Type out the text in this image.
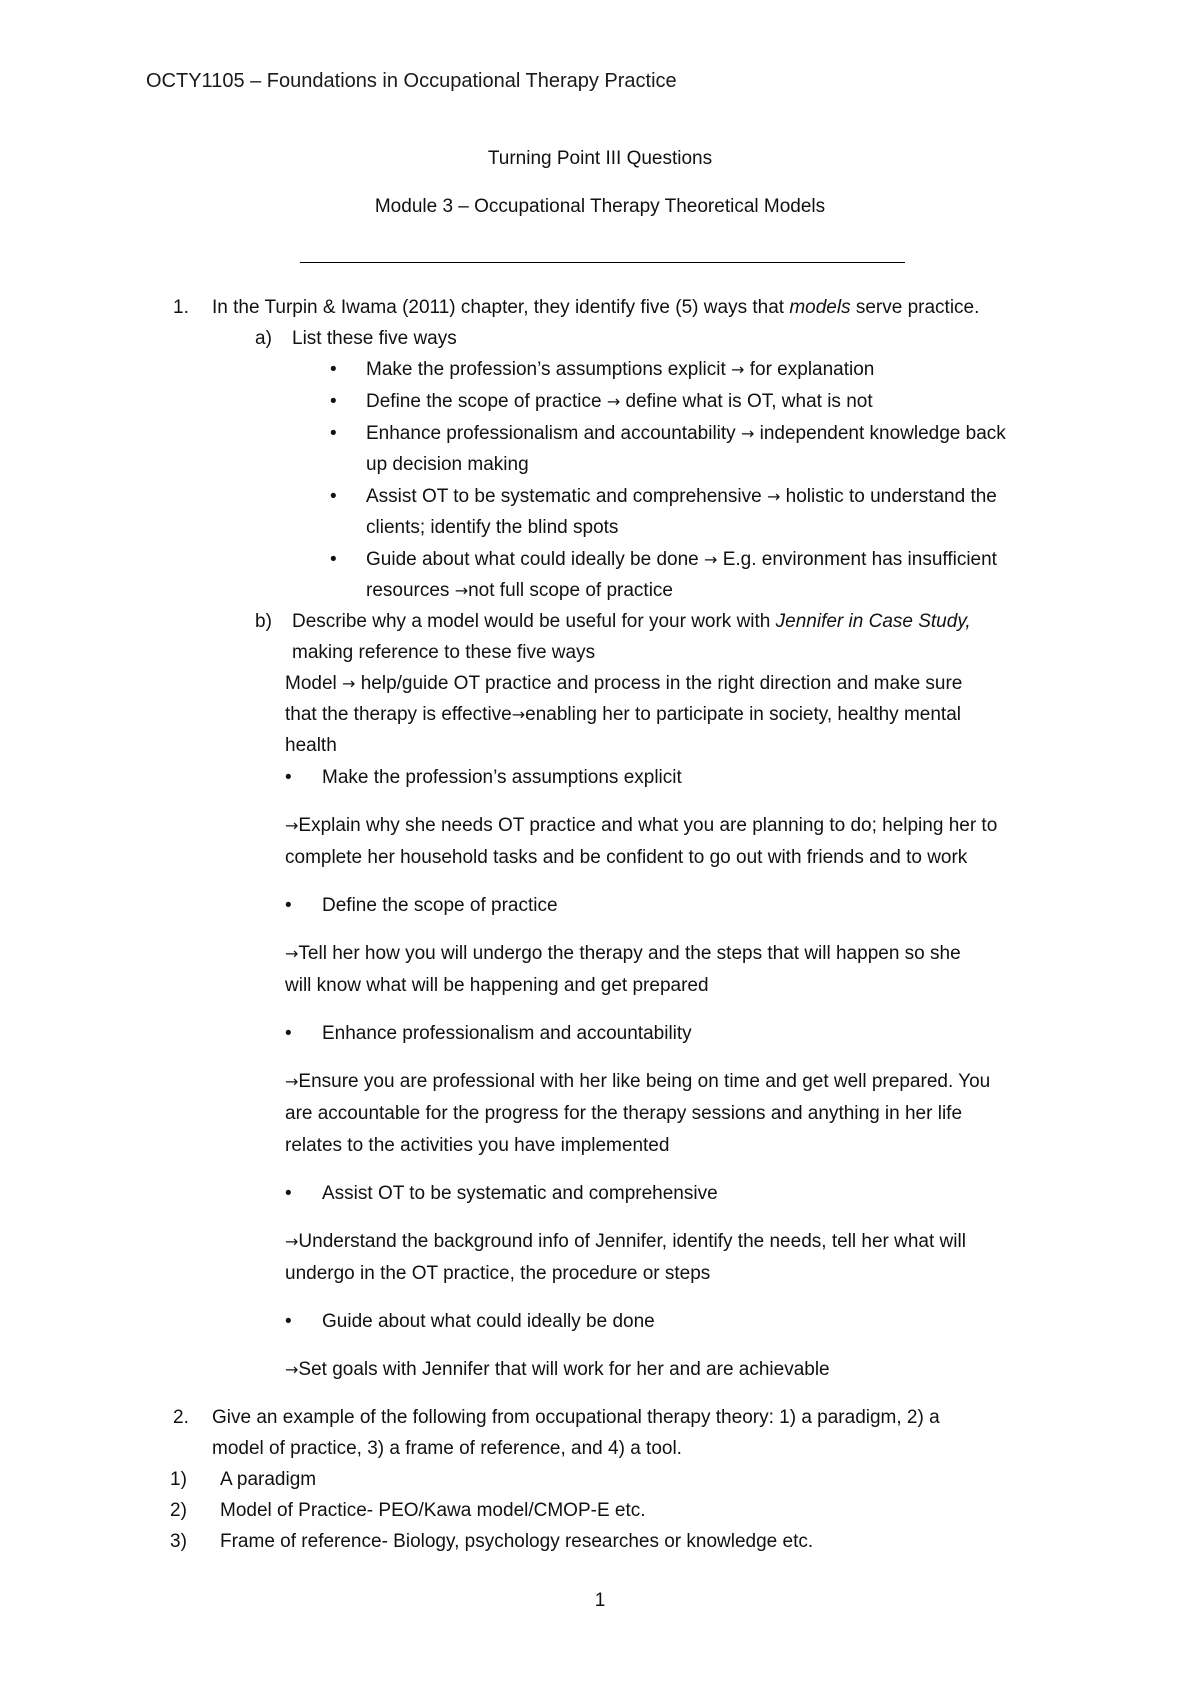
OCTY1105 – Foundations in Occupational Therapy Practice
Turning Point III Questions
Module 3 – Occupational Therapy Theoretical Models
1. In the Turpin & Iwama (2011) chapter, they identify five (5) ways that models serve practice.
a) List these five ways
• Make the profession’s assumptions explicit → for explanation
• Define the scope of practice → define what is OT, what is not
• Enhance professionalism and accountability → independent knowledge back
up decision making
• Assist OT to be systematic and comprehensive → holistic to understand the
clients; identify the blind spots
• Guide about what could ideally be done → E.g. environment has insufficient
resources →not full scope of practice
b) Describe why a model would be useful for your work with Jennifer in Case Study,
making reference to these five ways
Model → help/guide OT practice and process in the right direction and make sure
that the therapy is effective→enabling her to participate in society, healthy mental
health
• Make the profession’s assumptions explicit
→Explain why she needs OT practice and what you are planning to do; helping her to
complete her household tasks and be confident to go out with friends and to work
• Define the scope of practice
→Tell her how you will undergo the therapy and the steps that will happen so she
will know what will be happening and get prepared
• Enhance professionalism and accountability
→Ensure you are professional with her like being on time and get well prepared. You
are accountable for the progress for the therapy sessions and anything in her life
relates to the activities you have implemented
• Assist OT to be systematic and comprehensive
→Understand the background info of Jennifer, identify the needs, tell her what will
undergo in the OT practice, the procedure or steps
• Guide about what could ideally be done
→Set goals with Jennifer that will work for her and are achievable
2. Give an example of the following from occupational therapy theory: 1) a paradigm, 2) a
model of practice, 3) a frame of reference, and 4) a tool.
1) A paradigm
2) Model of Practice- PEO/Kawa model/CMOP-E etc.
3) Frame of reference- Biology, psychology researches or knowledge etc.
1
